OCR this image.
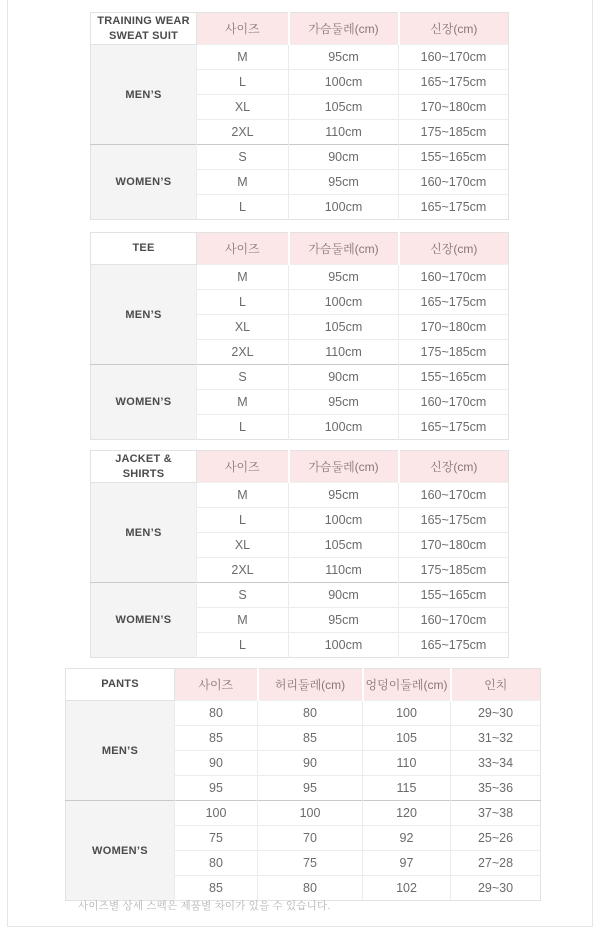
TRAINING WEAR SWEAT SUIT	사이즈	가슴둘레(cm)	신장(cm)
MEN’S	M	95cm	160~170cm
	L	100cm	165~175cm
	XL	105cm	170~180cm
	2XL	110cm	175~185cm
WOMEN’S	S	90cm	155~165cm
	M	95cm	160~170cm
	L	100cm	165~175cm
TEE	사이즈	가슴둘레(cm)	신장(cm)
MEN’S	M	95cm	160~170cm
	L	100cm	165~175cm
	XL	105cm	170~180cm
	2XL	110cm	175~185cm
WOMEN’S	S	90cm	155~165cm
	M	95cm	160~170cm
	L	100cm	165~175cm
JACKET & SHIRTS	사이즈	가슴둘레(cm)	신장(cm)
MEN’S	M	95cm	160~170cm
	L	100cm	165~175cm
	XL	105cm	170~180cm
	2XL	110cm	175~185cm
WOMEN’S	S	90cm	155~165cm
	M	95cm	160~170cm
	L	100cm	165~175cm
PANTS	사이즈	허리둘레(cm)	엉덩이둘레(cm)	인치
MEN’S	80	80	100	29~30
	85	85	105	31~32
	90	90	110	33~34
	95	95	115	35~36
WOMEN’S	100	100	120	37~38
	75	70	92	25~26
	80	75	97	27~28
	85	80	102	29~30
사이즈별 상세 스펙은 제품별 차이가 있을 수 있습니다.
